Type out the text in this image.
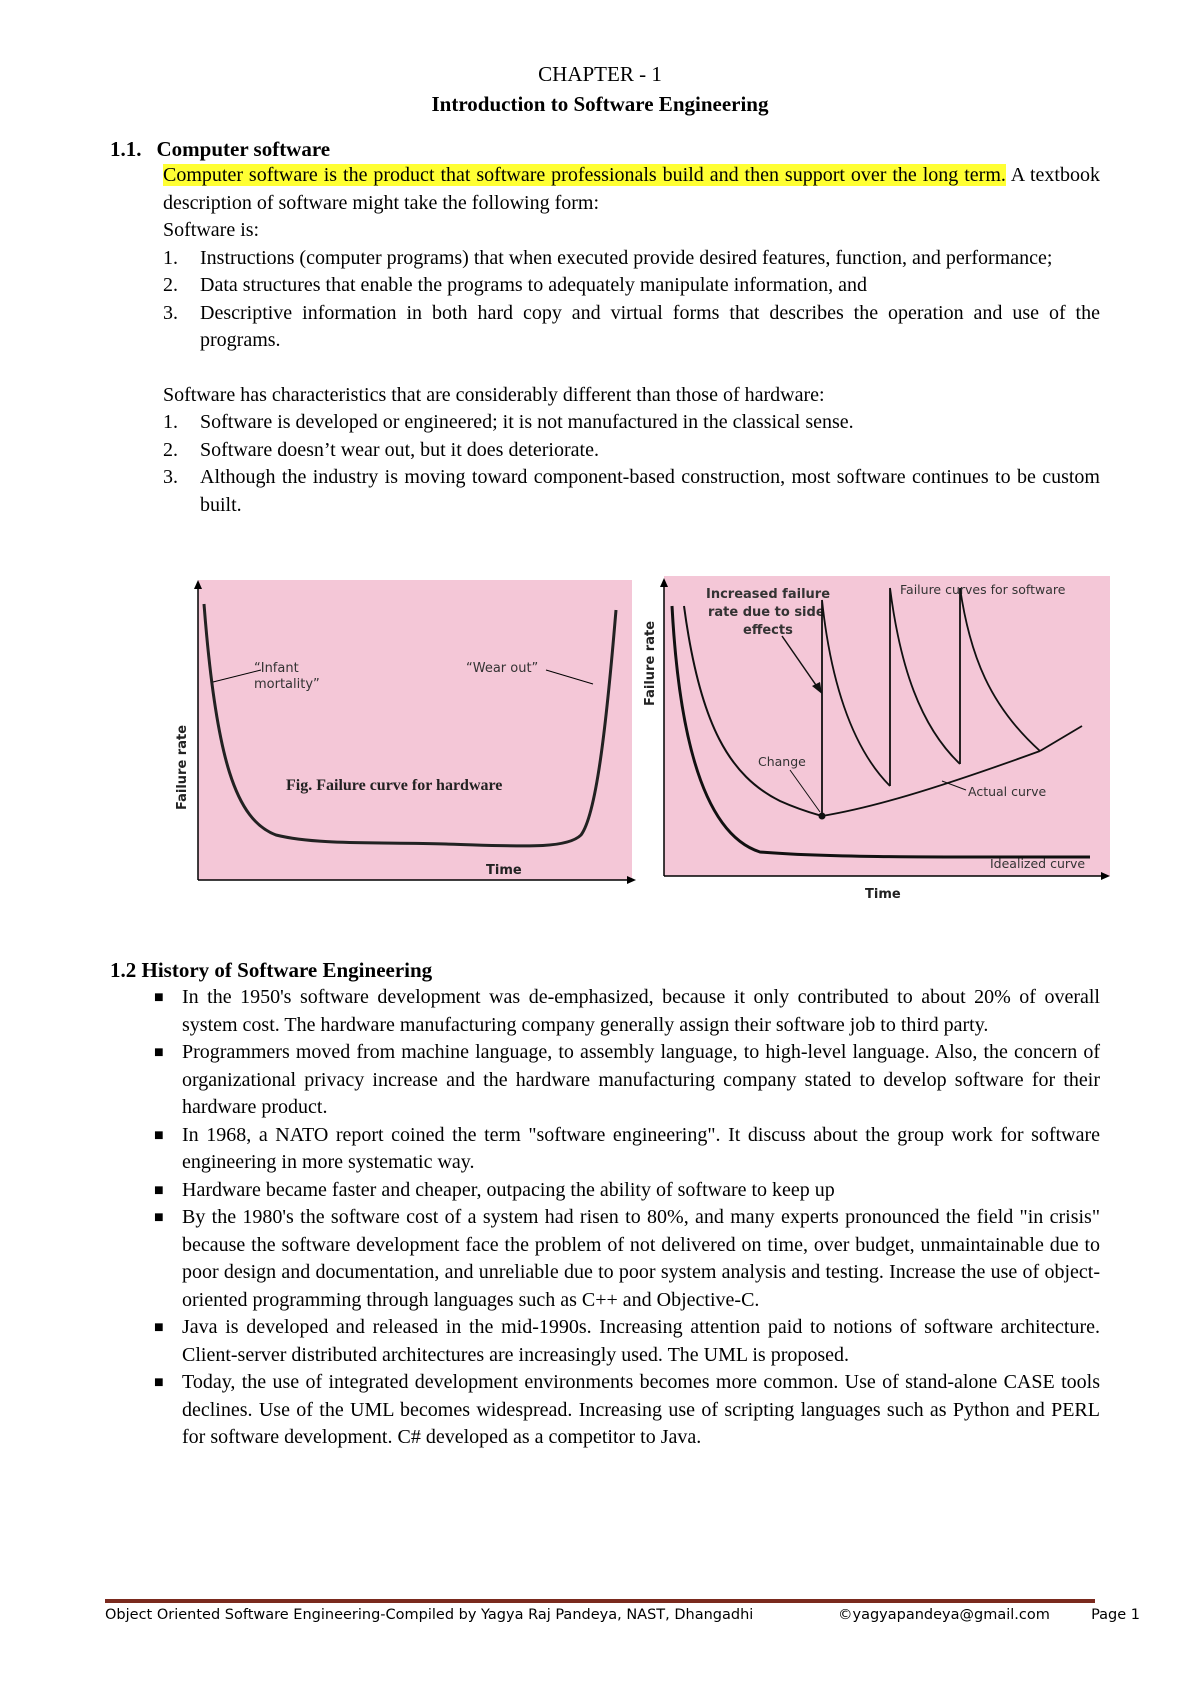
CHAPTER - 1
Introduction to Software Engineering
1.1. Computer software
Computer software is the product that software professionals build and then support over the long term. A textbook description of software might take the following form:
Software is:
1. Instructions (computer programs) that when executed provide desired features, function, and performance;
2. Data structures that enable the programs to adequately manipulate information, and
3. Descriptive information in both hard copy and virtual forms that describes the operation and use of the programs.
Software has characteristics that are considerably different than those of hardware:
1. Software is developed or engineered; it is not manufactured in the classical sense.
2. Software doesn’t wear out, but it does deteriorate.
3. Although the industry is moving toward component-based construction, most software continues to be custom built.
“Infant
mortality”
“Wear out”
Failure rate	Fig. Failure curve for hardware
Time
Failure curves for software
Increased failure
rate due to side
effects
Change
Actual curve
Idealized curve
Failure rate
Time
1.2 History of Software Engineering
■ In the 1950's software development was de-emphasized, because it only contributed to about 20% of overall system cost. The hardware manufacturing company generally assign their software job to third party.
■ Programmers moved from machine language, to assembly language, to high-level language. Also, the concern of organizational privacy increase and the hardware manufacturing company stated to develop software for their hardware product.
■ In 1968, a NATO report coined the term "software engineering". It discuss about the group work for software engineering in more systematic way.
■ Hardware became faster and cheaper, outpacing the ability of software to keep up
■ By the 1980's the software cost of a system had risen to 80%, and many experts pronounced the field "in crisis" because the software development face the problem of not delivered on time, over budget, unmaintainable due to poor design and documentation, and unreliable due to poor system analysis and testing. Increase the use of object-oriented programming through languages such as C++ and Objective-C.
■ Java is developed and released in the mid-1990s. Increasing attention paid to notions of software architecture. Client-server distributed architectures are increasingly used. The UML is proposed.
■ Today, the use of integrated development environments becomes more common. Use of stand-alone CASE tools declines. Use of the UML becomes widespread. Increasing use of scripting languages such as Python and PERL for software development. C# developed as a competitor to Java.
Object Oriented Software Engineering-Compiled by Yagya Raj Pandeya, NAST, Dhangadhi	©yagyapandeya@gmail.com	Page 1
